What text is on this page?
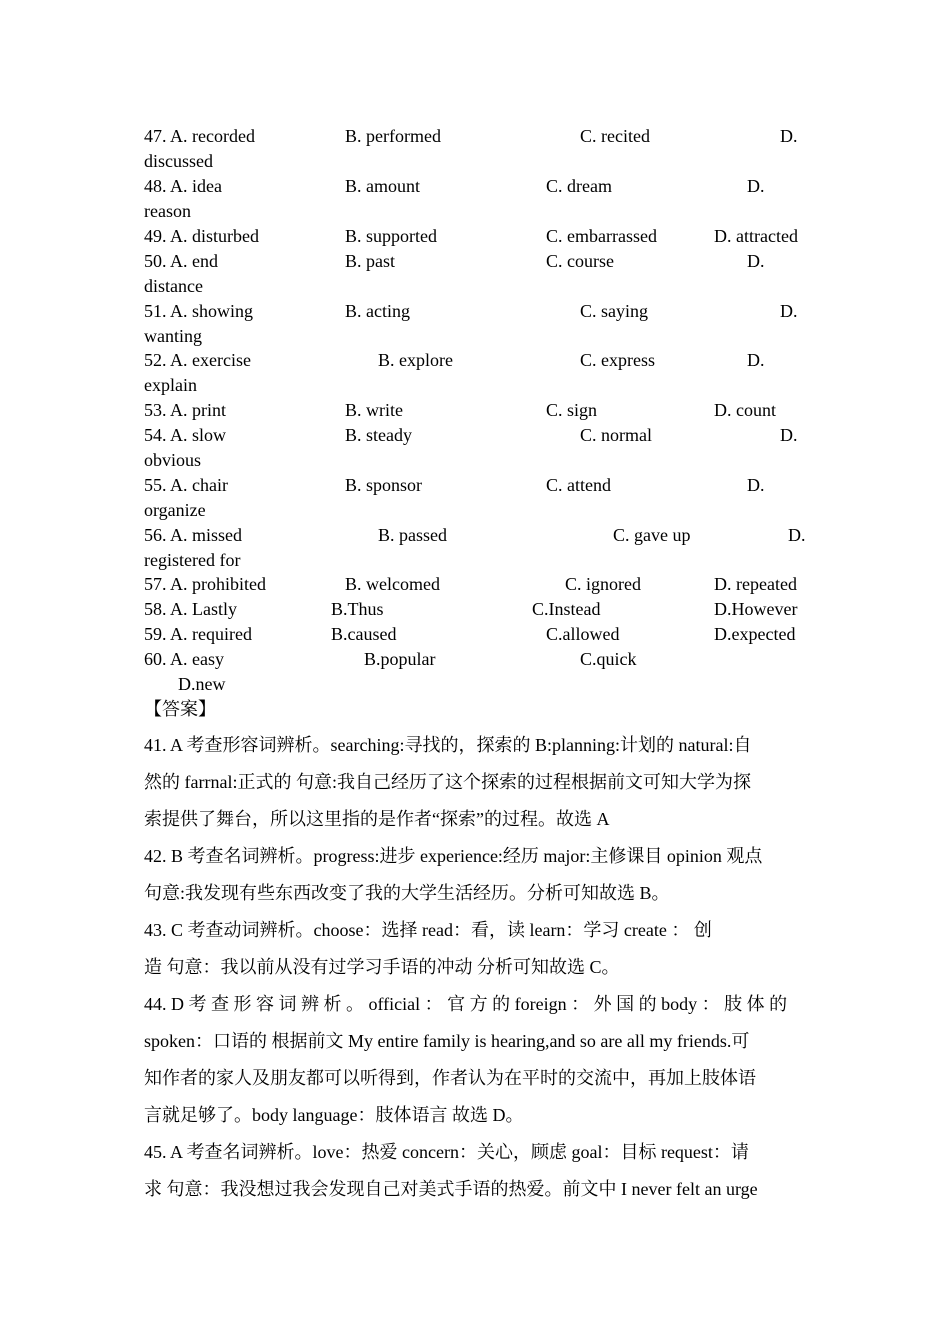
47. A. recorded	B. performed	C. recited	D.
discussed
48. A. idea	B. amount	C. dream	D.
reason
49. A. disturbed	B. supported	C. embarrassed	D. attracted
50. A. end	B. past	C. course	D.
distance
51. A. showing	B. acting	C. saying	D.
wanting
52. A. exercise	B. explore	C. express	D.
explain
53. A. print	B. write	C. sign	D. count
54. A. slow	B. steady	C. normal	D.
obvious
55. A. chair	B. sponsor	C. attend	D.
organize
56. A. missed	B. passed	C. gave up	D.
registered for
57. A. prohibited	B. welcomed	C. ignored	D. repeated
58. A. Lastly	B.Thus	C.Instead	D.However
59. A. required	B.caused	C.allowed	D.expected
60. A. easy	B.popular	C.quick
D.new
【答案】
41. A 考查形容词辨析。searching:寻找的，探索的 B:planning:计划的 natural:自
然的 farrnal:正式的 句意:我自己经历了这个探索的过程根据前文可知大学为探
索提供了舞台，所以这里指的是作者“探索”的过程。故选 A
42. B 考查名词辨析。progress:进步 experience:经历 major:主修课目 opinion 观点
句意:我发现有些东西改变了我的大学生活经历。分析可知故选 B。
43. C 考查动词辨析。choose：选择 read：看，读 learn：学习 create ： 创
造 句意：我以前从没有过学习手语的冲动 分析可知故选 C。
44. D 考 查 形 容 词 辨 析 。 official ： 官 方 的 foreign ： 外 国 的 body ： 肢 体 的
spoken：口语的 根据前文 My entire family is hearing,and so are all my friends.可
知作者的家人及朋友都可以听得到，作者认为在平时的交流中，再加上肢体语
言就足够了。body language：肢体语言 故选 D。
45. A 考查名词辨析。love：热爱 concern：关心，顾虑 goal：目标 request：请
求 句意：我没想过我会发现自己对美式手语的热爱。前文中 I never felt an urge
